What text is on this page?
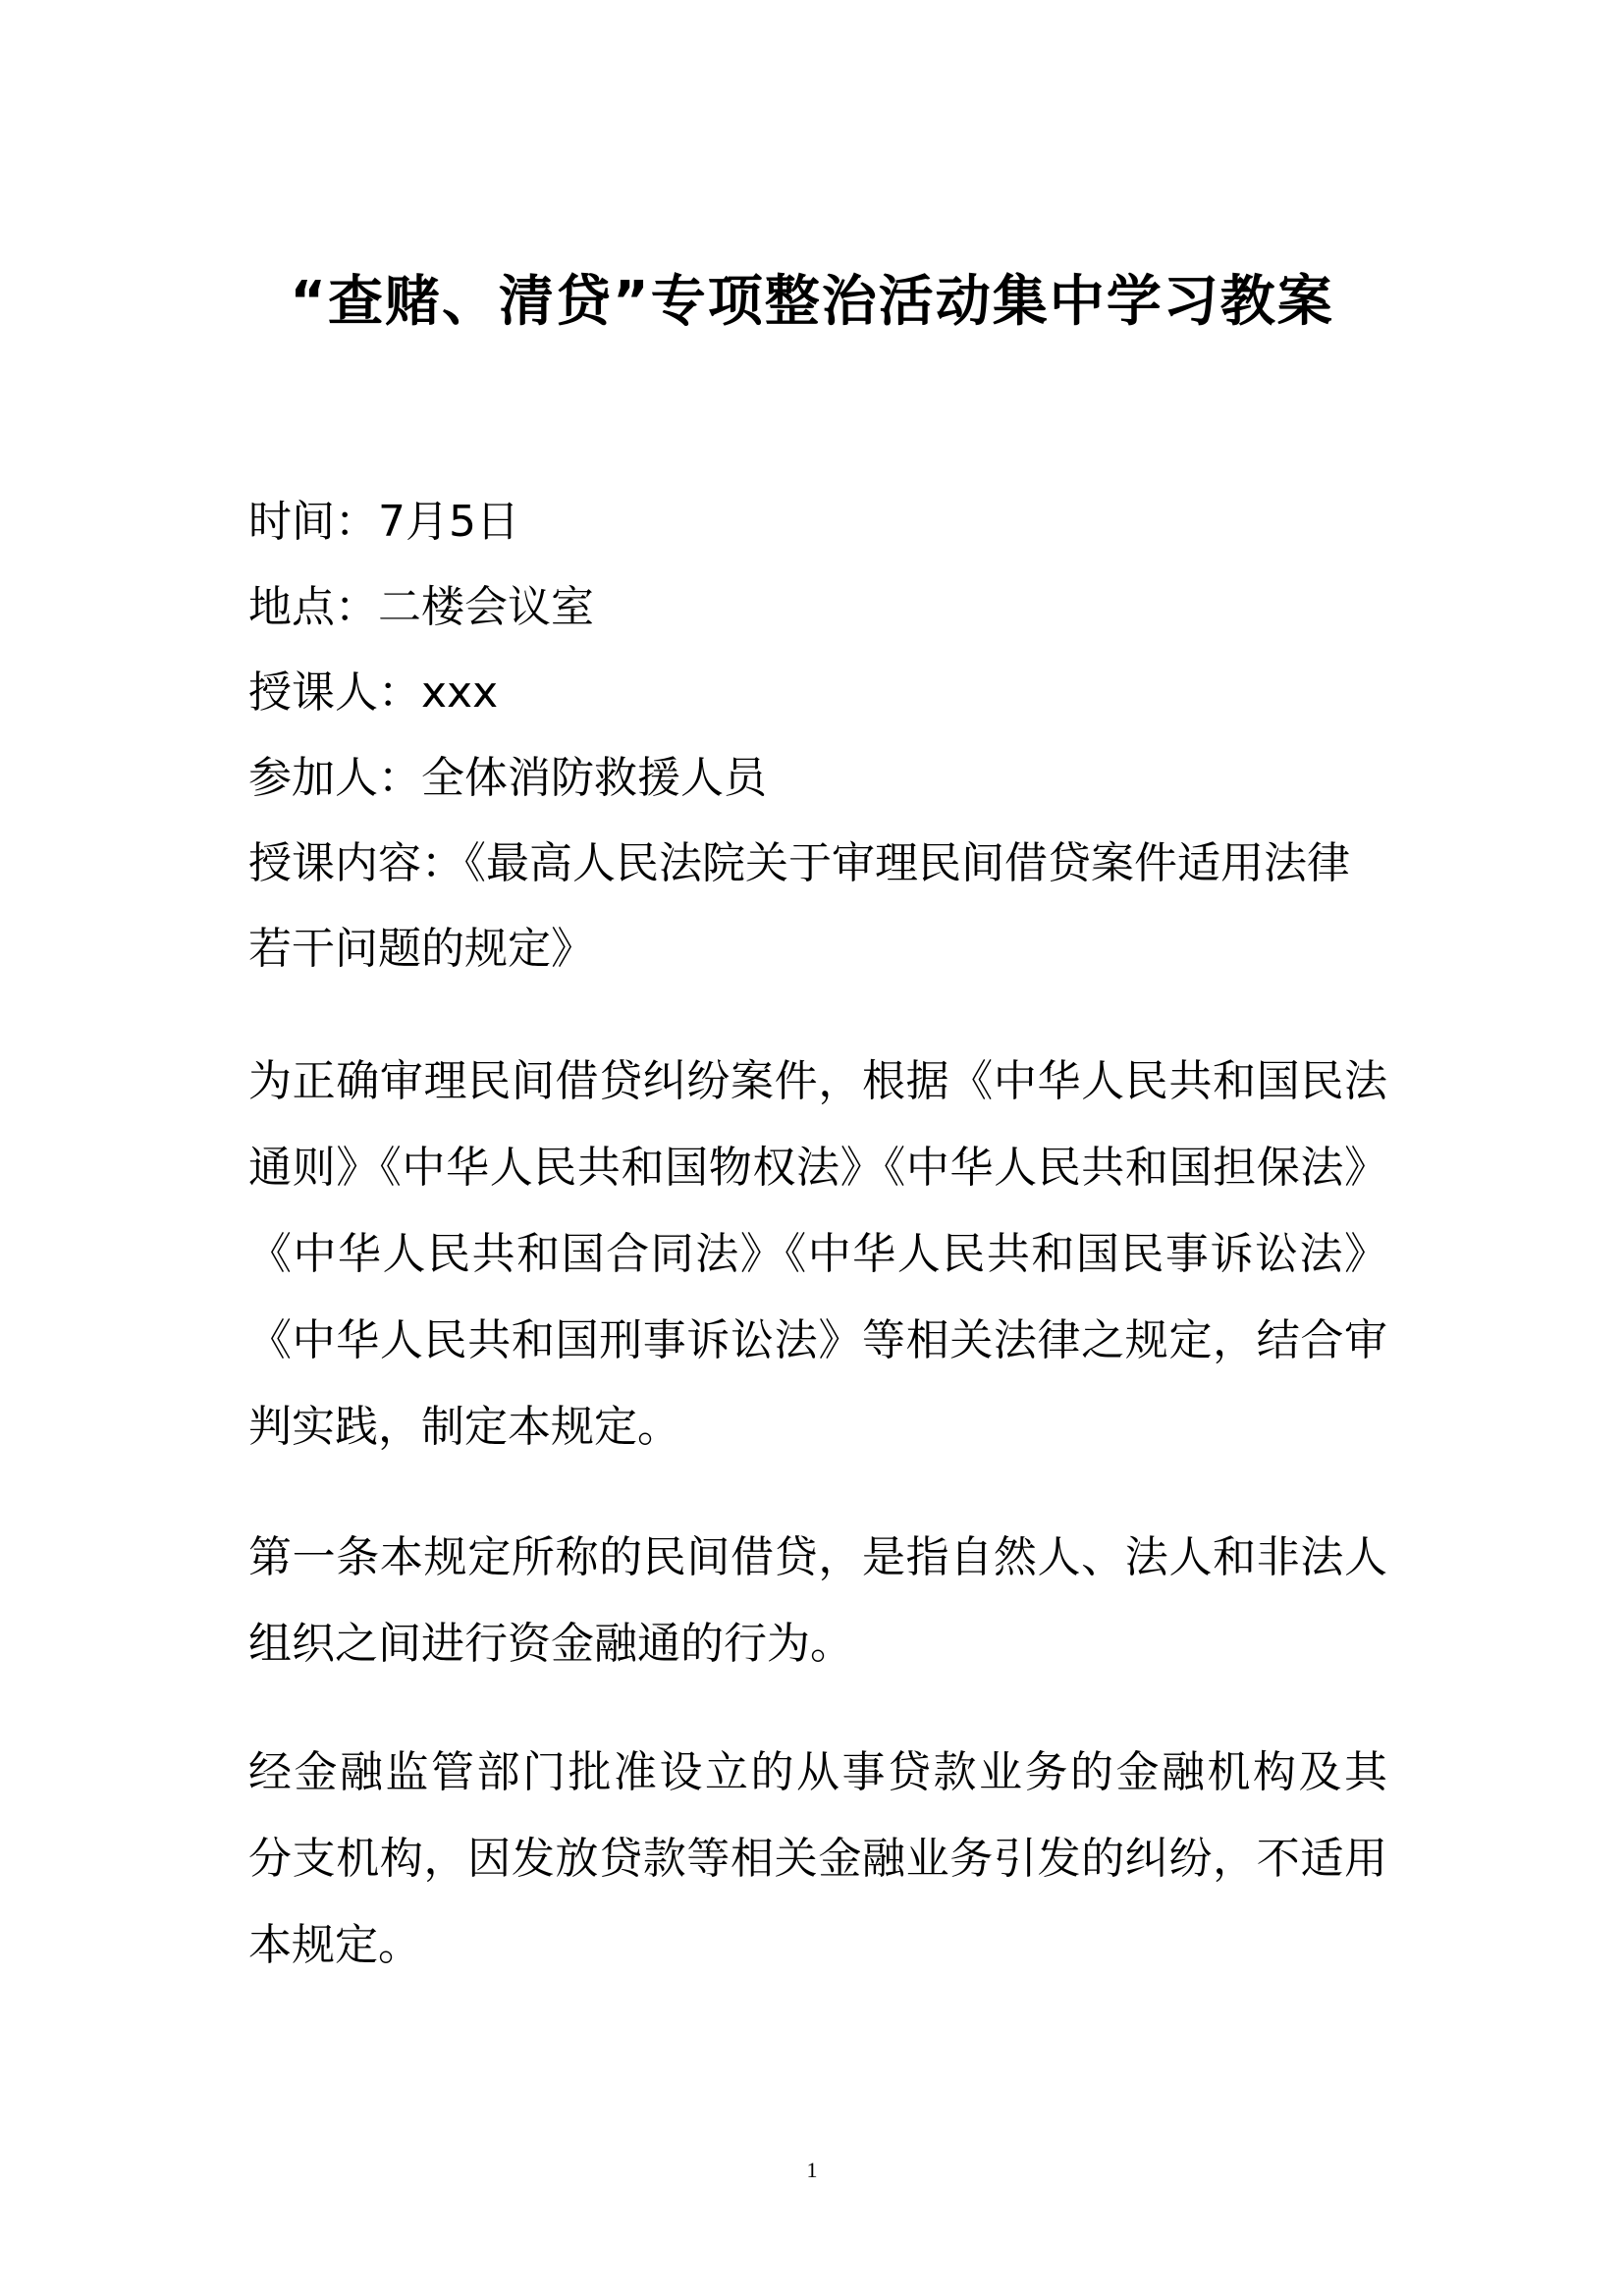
“查赌、清贷”专项整治活动集中学习教案
时间：7月5日
地点：二楼会议室
授课人：xxx
参加人：全体消防救援人员
授课内容：《最高人民法院关于审理民间借贷案件适用法律
若干问题的规定》
为正确审理民间借贷纠纷案件，根据《中华人民共和国民法
通则》《中华人民共和国物权法》《中华人民共和国担保法》
《中华人民共和国合同法》《中华人民共和国民事诉讼法》
《中华人民共和国刑事诉讼法》等相关法律之规定，结合审
判实践，制定本规定。
第一条本规定所称的民间借贷，是指自然人、法人和非法人
组织之间进行资金融通的行为。
经金融监管部门批准设立的从事贷款业务的金融机构及其
分支机构，因发放贷款等相关金融业务引发的纠纷，不适用
本规定。
1
